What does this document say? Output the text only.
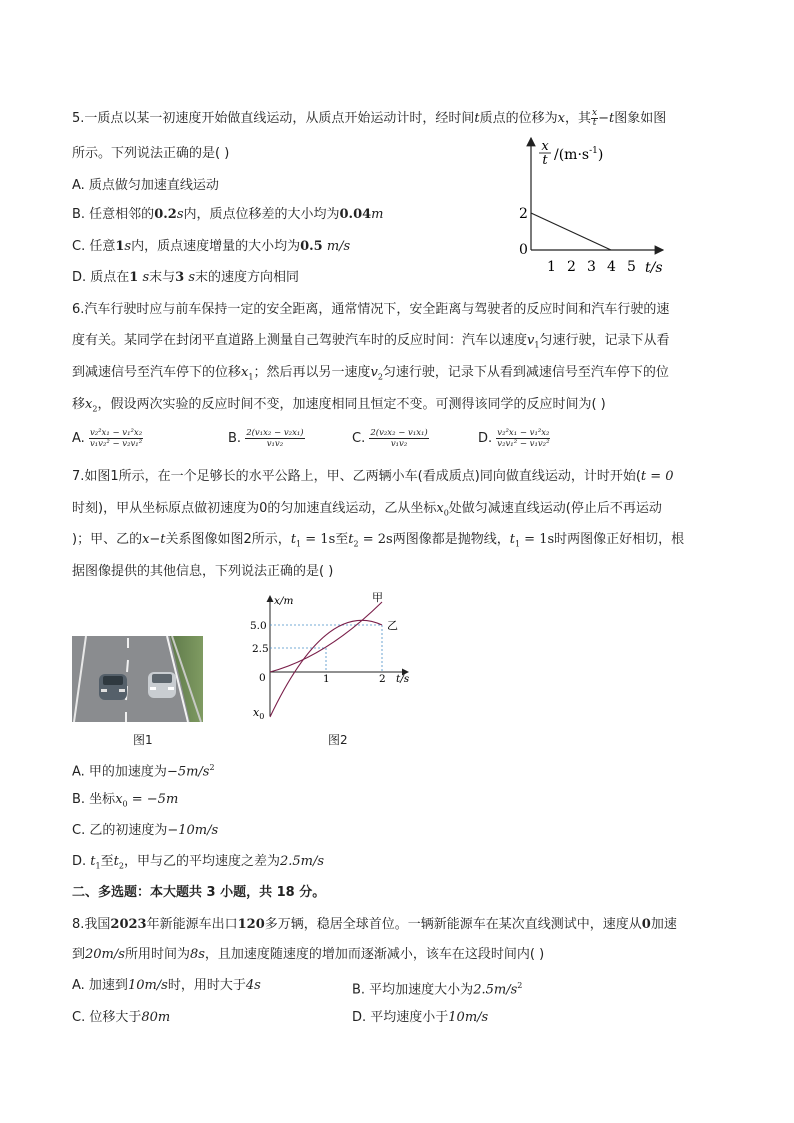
5.一质点以某一初速度开始做直线运动，从质点开始运动计时，经时间t质点的位移为x，其 $\frac{x}{t}-t$图象如图
所示。下列说法正确的是( )
A. 质点做匀加速直线运动
B. 任意相邻的0.2s内，质点位移差的大小均为0.04m
C. 任意1s内，质点速度增量的大小均为0.5 m/s
D. 质点在1 s末与3 s末的速度方向相同
x
t $/(m\cdot s^{-1})$
2
0
1 2 3 4 5 t/s
6.汽车行驶时应与前车保持一定的安全距离，通常情况下，安全距离与驾驶者的反应时间和汽车行驶的速
度有关。某同学在封闭平直道路上测量自己驾驶汽车时的反应时间：汽车以速度$v_1$匀速行驶，记录下从看
到减速信号至汽车停下的位移$x_1$；然后再以另一速度$v_2$匀速行驶，记录下从看到减速信号至汽车停下的位
移$x_2$，假设两次实验的反应时间不变，加速度相同且恒定不变。可测得该同学的反应时间为( )
A. $\frac{\text{v₂²x₁ − v₁²x₂}}{\text{v₁v₂² − v₂v₁²}}$	B. $\frac{\text{2(v₁x₂ − v₂x₁)}}{\text{v₁v₂}}$	C. $\frac{\text{2(v₂x₂ − v₁x₁)}}{\text{v₁v₂}}$	D. $\frac{\text{v₂²x₁ − v₁²x₂}}{\text{v₂v₁² − v₁v₂²}}$
7.如图1所示，在一个足够长的水平公路上，甲、乙两辆小车(看成质点)同向做直线运动，计时开始(t = 0
时刻)，甲从坐标原点做初速度为0的匀加速直线运动，乙从坐标$x_0$处做匀减速直线运动(停止后不再运动
)；甲、乙的x−t关系图像如图2所示，$t_1 = 1s$至$t_2 = 2s$两图像都是抛物线，$t_1 = 1s$时两图像正好相切，根
据图像提供的其他信息，下列说法正确的是( )
图1
x/m
5.0
2.5
0	1	2 t/s
$x_0$
甲
乙
图2
A. 甲的加速度为$-5m/s^2$
B. 坐标$x_0 = -5m$
C. 乙的初速度为−10m/s
D. $t_1$至$t_2$，甲与乙的平均速度之差为2.5m/s
二、多选题：本大题共 3 小题，共 18 分。
8.我国2023年新能源车出口120多万辆，稳居全球首位。一辆新能源车在某次直线测试中，速度从0加速
到20m/s所用时间为8s，且加速度随速度的增加而逐渐减小，该车在这段时间内( )
A. 加速到10m/s时，用时大于4s	B. 平均加速度大小为$2.5m/s^2$
C. 位移大于80m	D. 平均速度小于10m/s
